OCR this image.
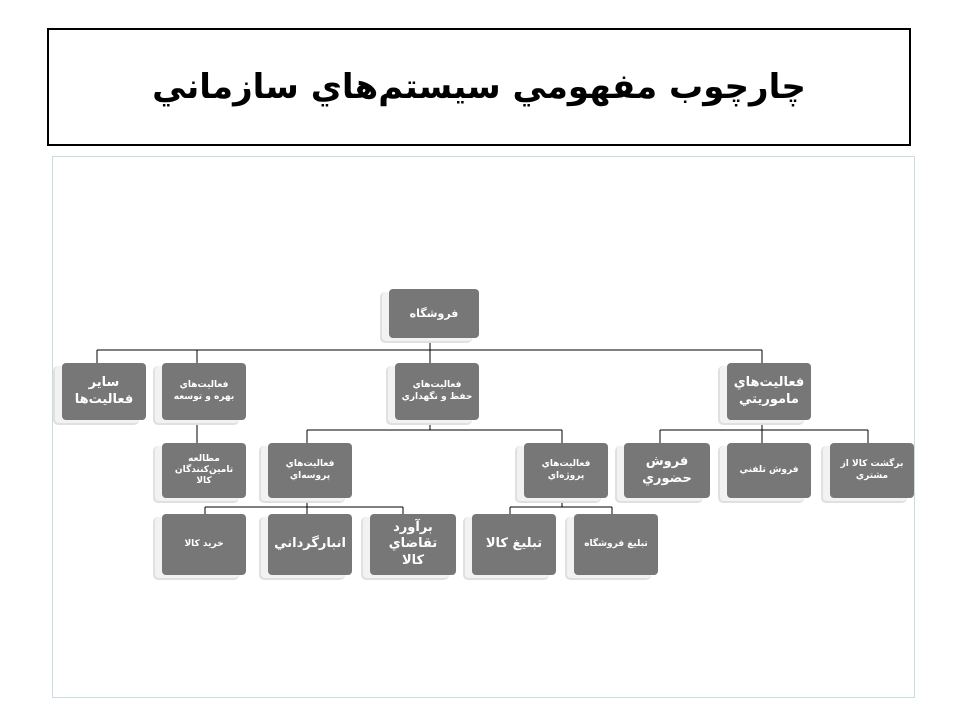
چارچوب مفهومي سيستم‌هاي سازماني
فروشگاه
ساير فعاليت‌ها
فعاليت‌هاي بهره‌ و توسعه
فعاليت‌هاي حفظ و نگهداري
فعاليت‌هاي ماموريتي
مطالعه تامين‌كنندگان كالا
فعاليت‌هاي پروسه‌اي
فعاليت‌هاي پروژه‌اي
فروش حضوري
فروش تلفني
برگشت كالا از مشتري
خريد كالا	انبارگرداني
برآورد تقاضاي كالا
تبليغ كالا	تبليغ فروشگاه
